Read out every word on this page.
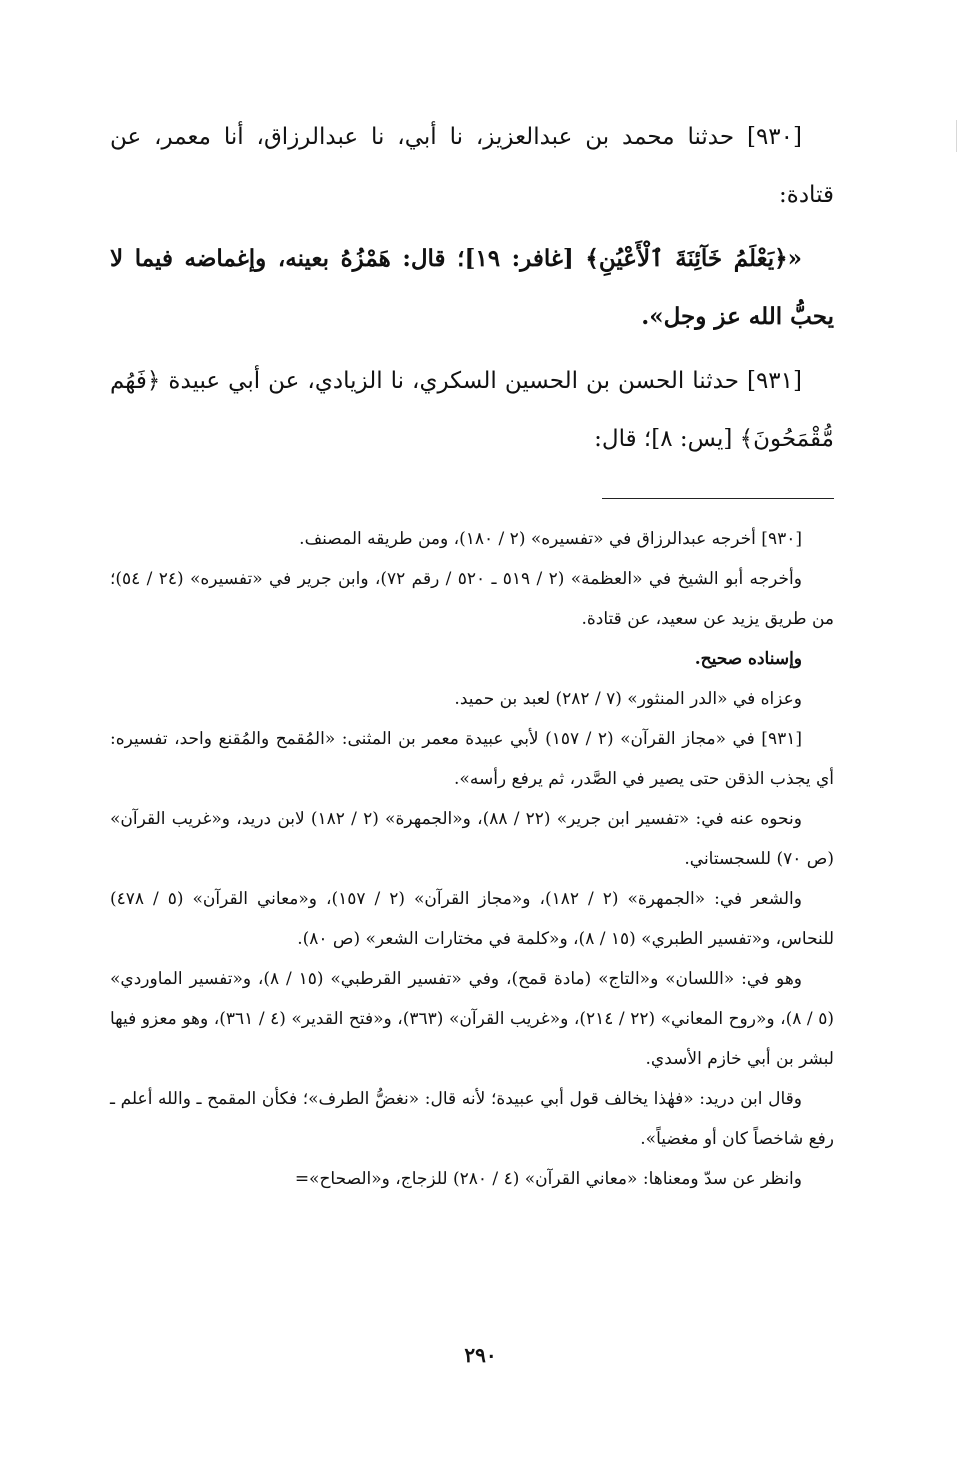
[٩٣٠] حدثنا محمد بن عبدالعزيز، نا أبي، نا عبدالرزاق، أنا معمر، عن قتادة:

«﴿يَعْلَمُ خَآئِنَةَ ٱلْأَعْيُنِ﴾ [غافر: ١٩]؛ قال: هَمْزُهُ بعينه، وإغماضه فيما لا يحبُّ الله عز وجل».

[٩٣١] حدثنا الحسن بن الحسين السكري، نا الزيادي، عن أبي عبيدة ﴿فَهُم مُّقْمَحُونَ﴾ [يس: ٨]؛ قال:

[٩٣٠] أخرجه عبدالرزاق في «تفسيره» (٢ / ١٨٠)، ومن طريقه المصنف.

وأخرجه أبو الشيخ في «العظمة» (٢ / ٥١٩ ـ ٥٢٠ / رقم ٧٢)، وابن جرير في «تفسيره» (٢٤ / ٥٤)؛ من طريق يزيد عن سعيد، عن قتادة.

وإسناده صحيح.

وعزاه في «الدر المنثور» (٧ / ٢٨٢) لعبد بن حميد.

[٩٣١] في «مجاز القرآن» (٢ / ١٥٧) لأبي عبيدة معمر بن المثنى: «المُقمح والمُقنع واحد، تفسيره: أي يجذب الذقن حتى يصير في الصَّدر، ثم يرفع رأسه».

ونحوه عنه في: «تفسير ابن جرير» (٢٢ / ٨٨)، و«الجمهرة» (٢ / ١٨٢) لابن دريد، و«غريب القرآن» (ص ٧٠) للسجستاني.

والشعر في: «الجمهرة» (٢ / ١٨٢)، و«مجاز القرآن» (٢ / ١٥٧)، و«معاني القرآن» (٥ / ٤٧٨) للنحاس، و«تفسير الطبري» (١٥ / ٨)، و«كلمة في مختارات الشعر» (ص ٨٠).

وهو في: «اللسان» و«التاج» (مادة قمح)، وفي «تفسير القرطبي» (١٥ / ٨)، و«تفسير الماوردي» (٥ / ٨)، و«روح المعاني» (٢٢ / ٢١٤)، و«غريب القرآن» (٣٦٣)، و«فتح القدير» (٤ / ٣٦١)، وهو معزو فيها لبشر بن أبي خازم الأسدي.

وقال ابن دريد: «فهٰذا يخالف قول أبي عبيدة؛ لأنه قال: «نغضُّ الطرف»؛ فكأن المقمح ـ والله أعلم ـ رفع شاخصاً كان أو مغضياً».

وانظر عن سدّ ومعناها: «معاني القرآن» (٤ / ٢٨٠) للزجاج، و«الصحاح»=

٢٩٠
